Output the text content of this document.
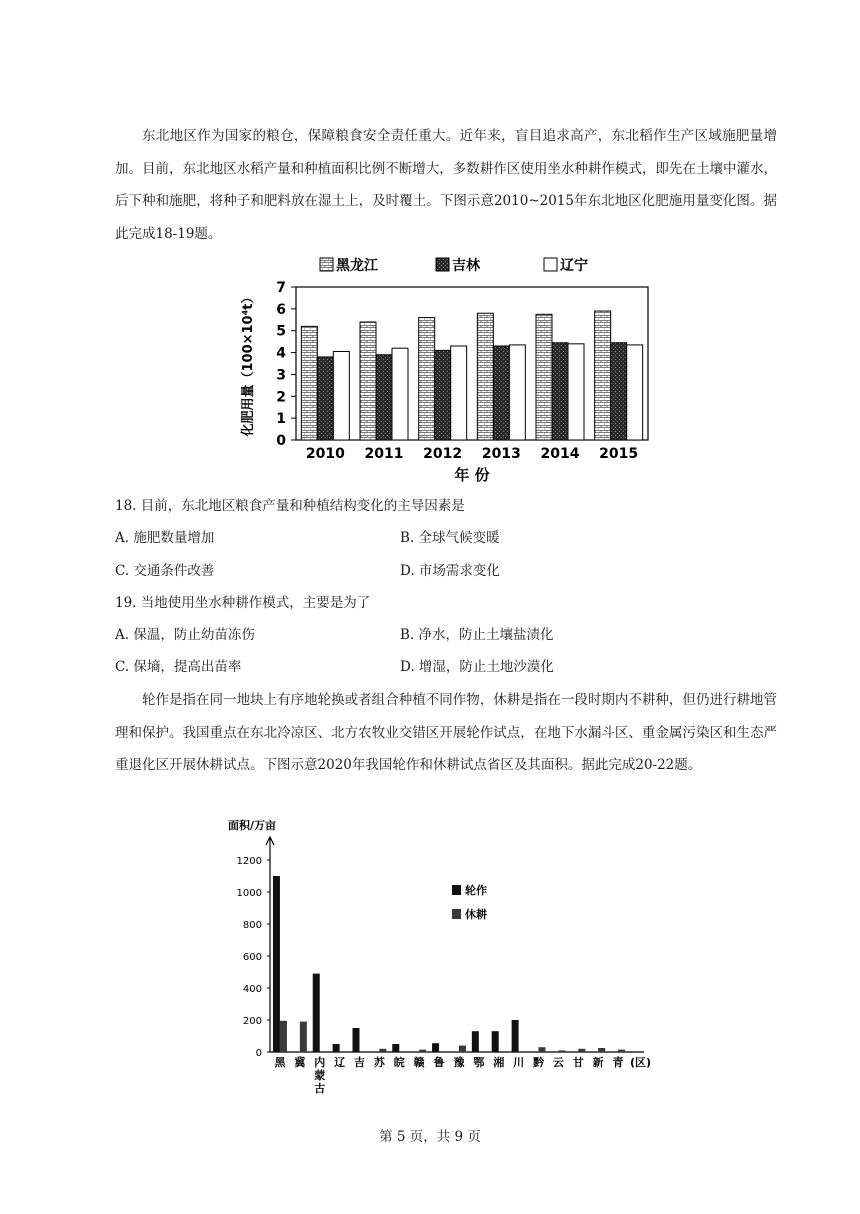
东北地区作为国家的粮仓，保障粮食安全责任重大。近年来，盲目追求高产，东北稻作生产区域施肥量增加。目前，东北地区水稻产量和种植面积比例不断增大，多数耕作区使用坐水种耕作模式，即先在土壤中灌水，后下种和施肥，将种子和肥料放在湿土上，及时覆土。下图示意2010~2015年东北地区化肥施用量变化图。据此完成18-19题。

黑龙江	吉林	辽宁
0
1
2
3
4
5
6
7
化肥用量（100×10⁴t）
2010 2011 2012 2013 2014 2015
年 份

18. 目前，东北地区粮食产量和种植结构变化的主导因素是

A. 施肥数量增加	B. 全球气候变暖
C. 交通条件改善	D. 市场需求变化

19. 当地使用坐水种耕作模式，主要是为了

A. 保温，防止幼苗冻伤	B. 净水，防止土壤盐渍化
C. 保墒，提高出苗率	D. 增湿，防止土地沙漠化

轮作是指在同一地块上有序地轮换或者组合种植不同作物，休耕是指在一段时期内不耕种，但仍进行耕地管理和保护。我国重点在东北冷凉区、北方农牧业交错区开展轮作试点，在地下水漏斗区、重金属污染区和生态严重退化区开展休耕试点。下图示意2020年我国轮作和休耕试点省区及其面积。据此完成20-22题。

面积/万亩
0
200
400
600
800
1000
1200
轮作
休耕
黑 冀 内
蒙
古
辽 吉 苏 皖 赣 鲁 豫 鄂 湘 川 黔 云 甘 新 青 (区)
第 5 页，共 9 页
